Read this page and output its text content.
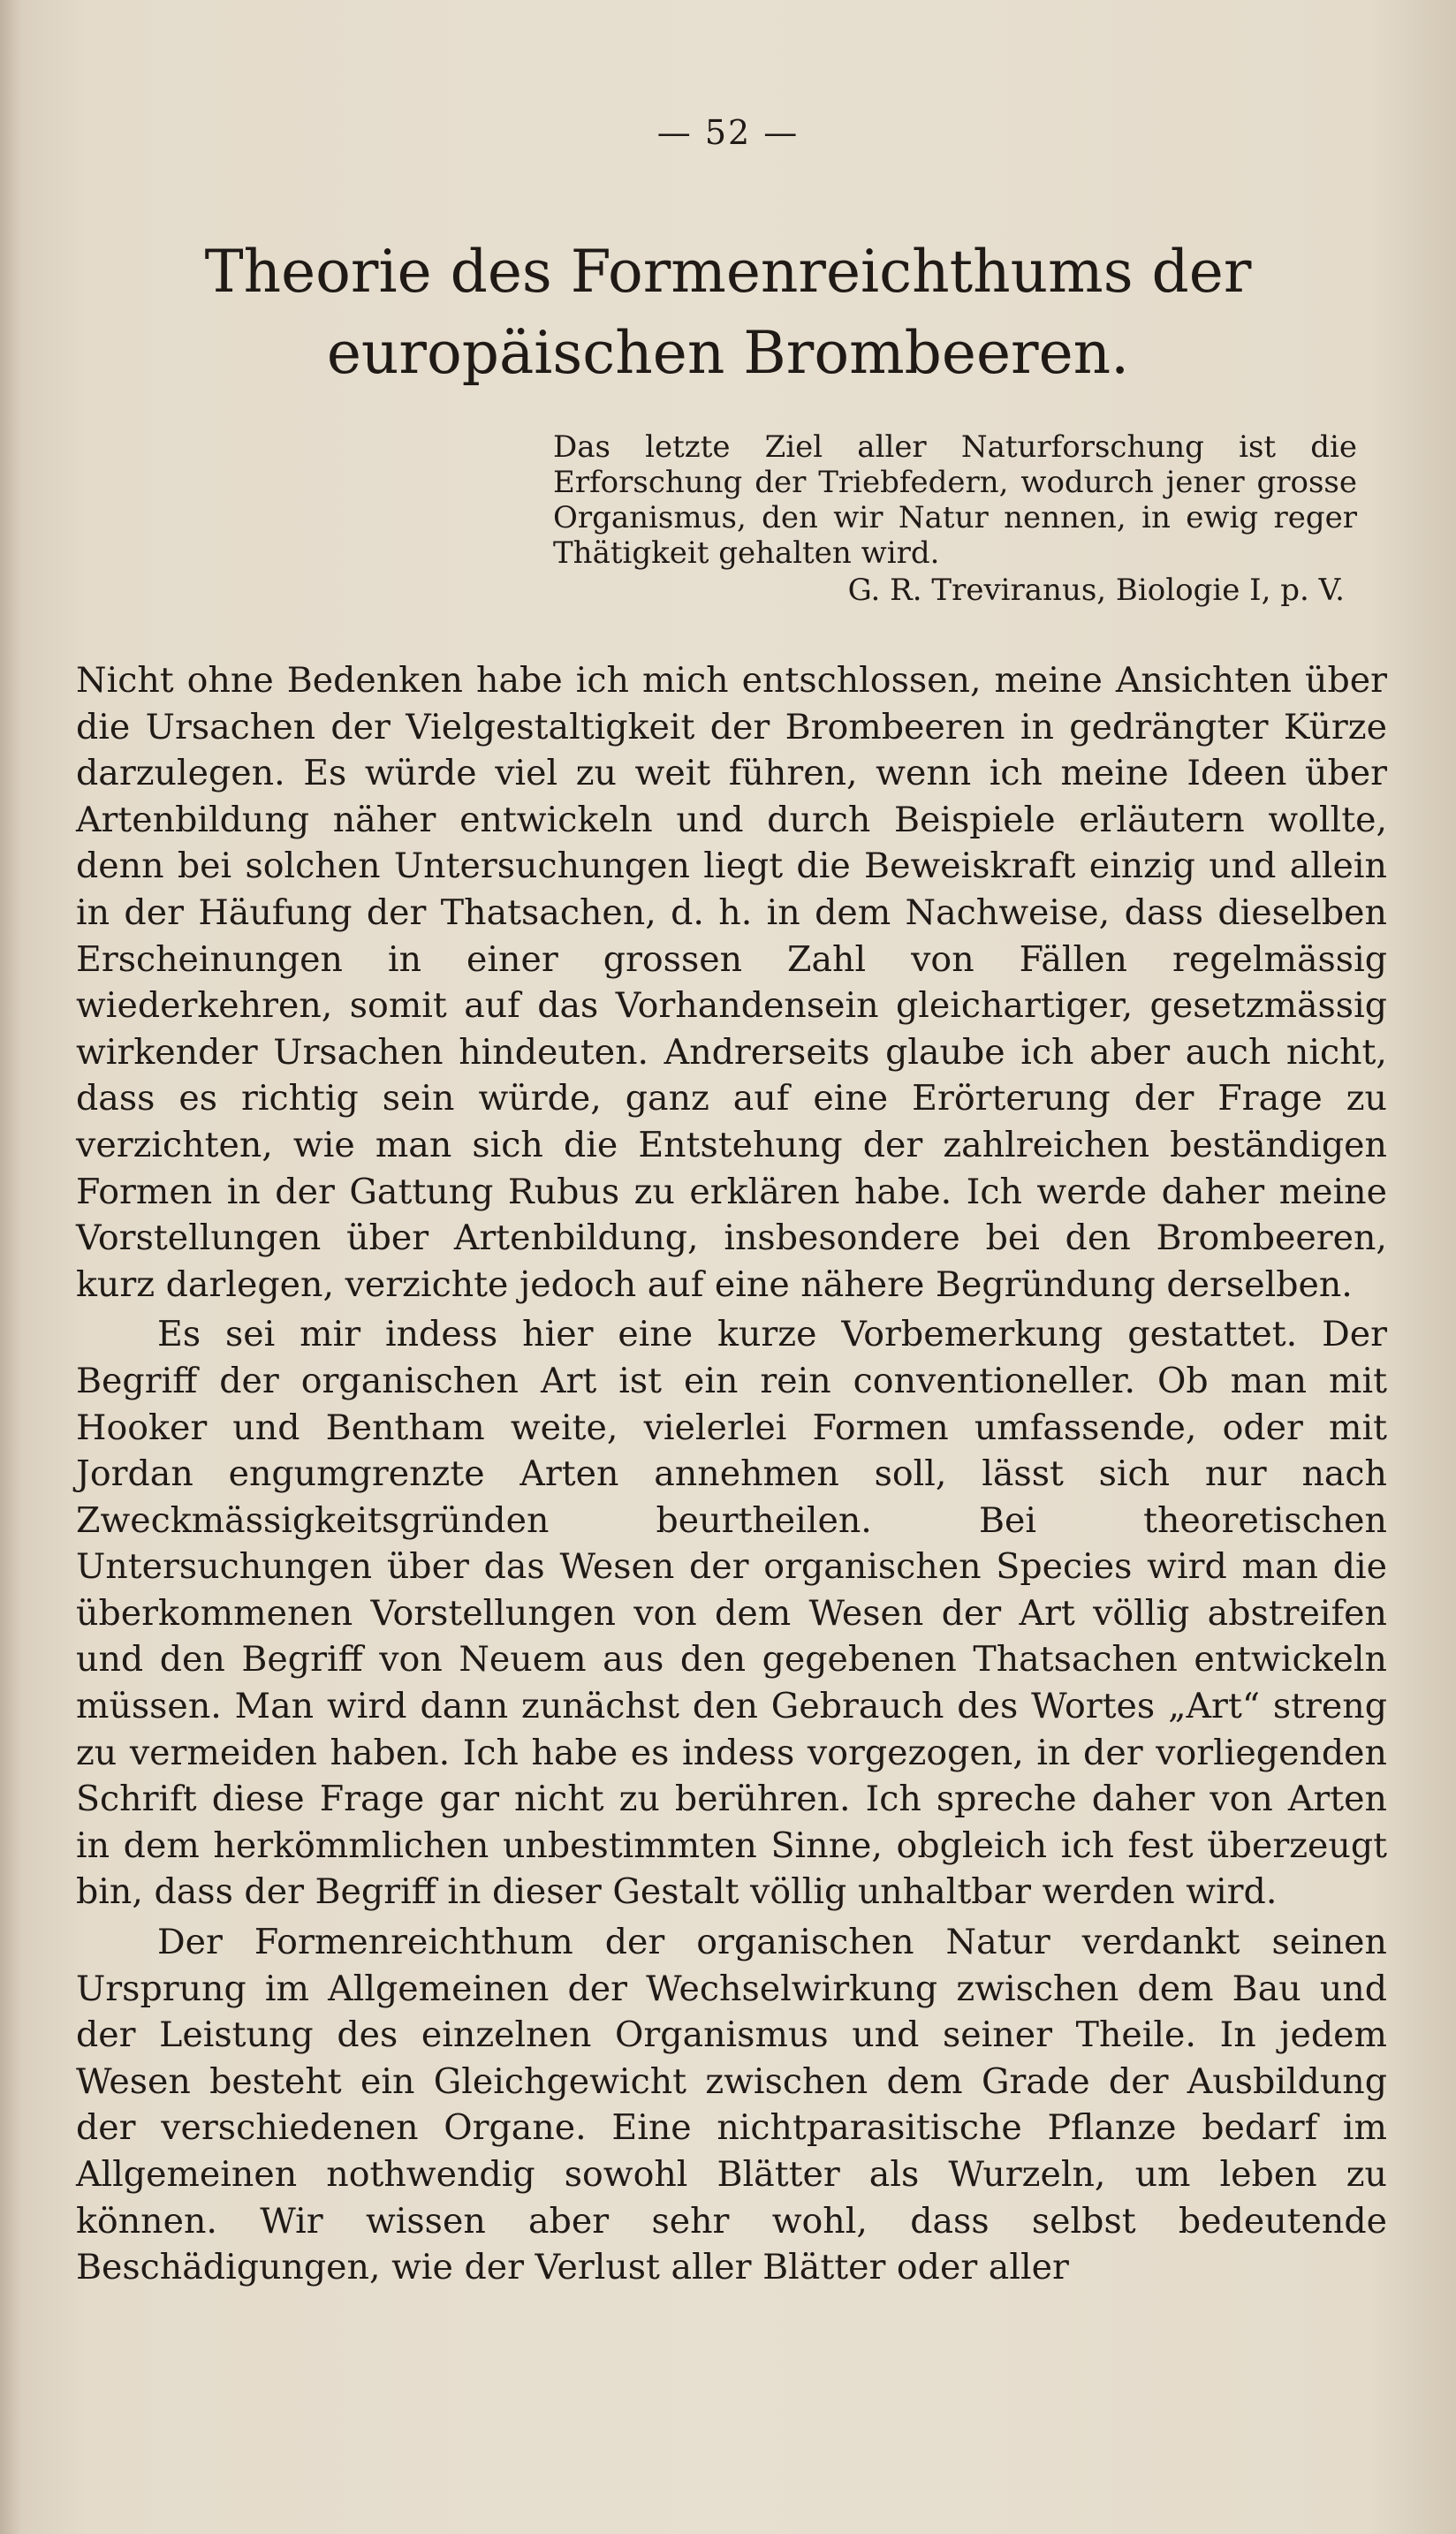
— 52 —
Theorie des Formenreichthums der europäischen Brombeeren.
Das letzte Ziel aller Naturforschung ist die Erforschung der Triebfedern, wodurch jener grosse Organismus, den wir Natur nennen, in ewig reger Thätigkeit gehalten wird.
G. R. Treviranus, Biologie I, p. V.

Nicht ohne Bedenken habe ich mich entschlossen, meine Ansichten über die Ursachen der Vielgestaltigkeit der Brombeeren in gedrängter Kürze darzulegen. Es würde viel zu weit führen, wenn ich meine Ideen über Artenbildung näher entwickeln und durch Beispiele erläutern wollte, denn bei solchen Untersuchungen liegt die Beweiskraft einzig und allein in der Häufung der Thatsachen, d. h. in dem Nachweise, dass dieselben Erscheinungen in einer grossen Zahl von Fällen regelmässig wiederkehren, somit auf das Vorhandensein gleichartiger, gesetzmässig wirkender Ursachen hindeuten. Andrerseits glaube ich aber auch nicht, dass es richtig sein würde, ganz auf eine Erörterung der Frage zu verzichten, wie man sich die Entstehung der zahlreichen beständigen Formen in der Gattung Rubus zu erklären habe. Ich werde daher meine Vorstellungen über Artenbildung, insbesondere bei den Brombeeren, kurz darlegen, verzichte jedoch auf eine nähere Begründung derselben.

Es sei mir indess hier eine kurze Vorbemerkung gestattet. Der Begriff der organischen Art ist ein rein conventioneller. Ob man mit Hooker und Bentham weite, vielerlei Formen umfassende, oder mit Jordan engumgrenzte Arten annehmen soll, lässt sich nur nach Zweckmässigkeitsgründen beurtheilen. Bei theoretischen Untersuchungen über das Wesen der organischen Species wird man die überkommenen Vorstellungen von dem Wesen der Art völlig abstreifen und den Begriff von Neuem aus den gegebenen Thatsachen entwickeln müssen. Man wird dann zunächst den Gebrauch des Wortes „Art“ streng zu vermeiden haben. Ich habe es indess vorgezogen, in der vorliegenden Schrift diese Frage gar nicht zu berühren. Ich spreche daher von Arten in dem herkömmlichen unbestimmten Sinne, obgleich ich fest überzeugt bin, dass der Begriff in dieser Gestalt völlig unhaltbar werden wird.

Der Formenreichthum der organischen Natur verdankt seinen Ursprung im Allgemeinen der Wechselwirkung zwischen dem Bau und der Leistung des einzelnen Organismus und seiner Theile. In jedem Wesen besteht ein Gleichgewicht zwischen dem Grade der Ausbildung der verschiedenen Organe. Eine nichtparasitische Pflanze bedarf im Allgemeinen nothwendig sowohl Blätter als Wurzeln, um leben zu können. Wir wissen aber sehr wohl, dass selbst bedeutende Beschädigungen, wie der Verlust aller Blätter oder aller
